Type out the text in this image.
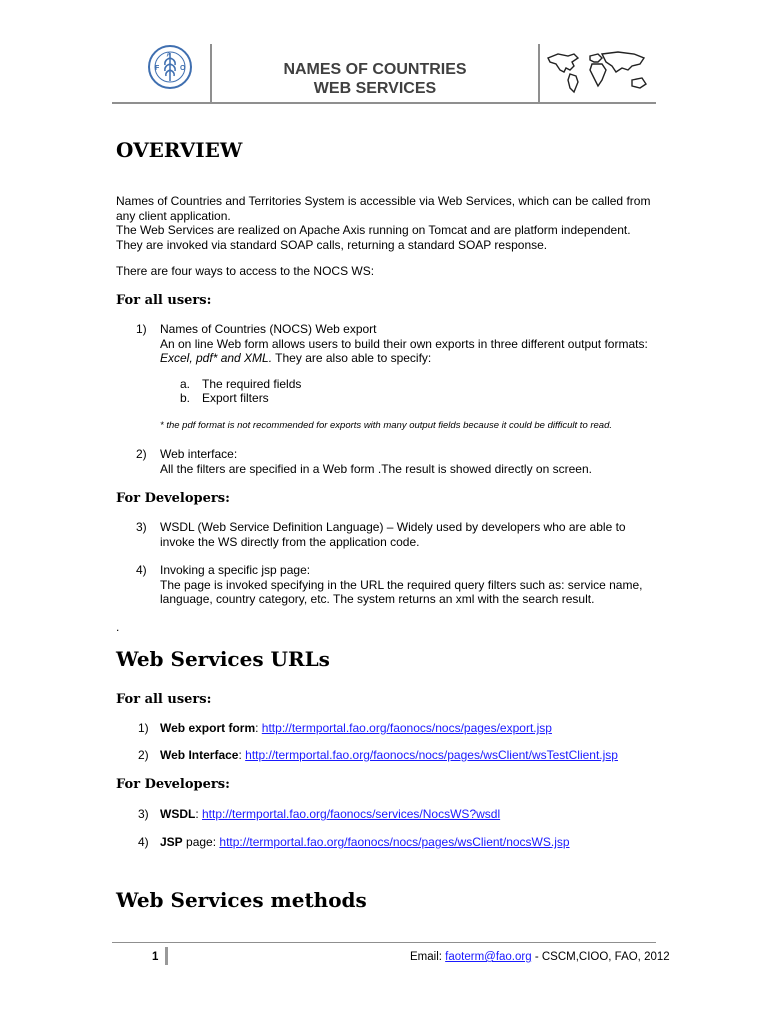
F
A
O	NAMES OF COUNTRIES
WEB SERVICES
OVERVIEW
Names of Countries and Territories System is accessible via Web Services, which can be called from
any client application.
The Web Services are realized on Apache Axis running on Tomcat and are platform independent.
They are invoked via standard SOAP calls, returning a standard SOAP response.
There are four ways to access to the NOCS WS:
For all users:
1) Names of Countries (NOCS) Web export
An on line Web form allows users to build their own exports in three different output formats:
Excel, pdf* and XML. They are also able to specify:
a. The required fields
b. Export filters
* the pdf format is not recommended for exports with many output fields because it could be difficult to read.
2) Web interface:
All the filters are specified in a Web form .The result is showed directly on screen.
For Developers:
3) WSDL (Web Service Definition Language) – Widely used by developers who are able to
invoke the WS directly from the application code.
4) Invoking a specific jsp page:
The page is invoked specifying in the URL the required query filters such as: service name,
language, country category, etc. The system returns an xml with the search result.
.
Web Services URLs
For all users:
1) Web export form: http://termportal.fao.org/faonocs/nocs/pages/export.jsp
2) Web Interface: http://termportal.fao.org/faonocs/nocs/pages/wsClient/wsTestClient.jsp
For Developers:
3) WSDL: http://termportal.fao.org/faonocs/services/NocsWS?wsdl
4) JSP page: http://termportal.fao.org/faonocs/nocs/pages/wsClient/nocsWS.jsp
Web Services methods
1	Email: faoterm@fao.org - CSCM,CIOO, FAO, 2012
